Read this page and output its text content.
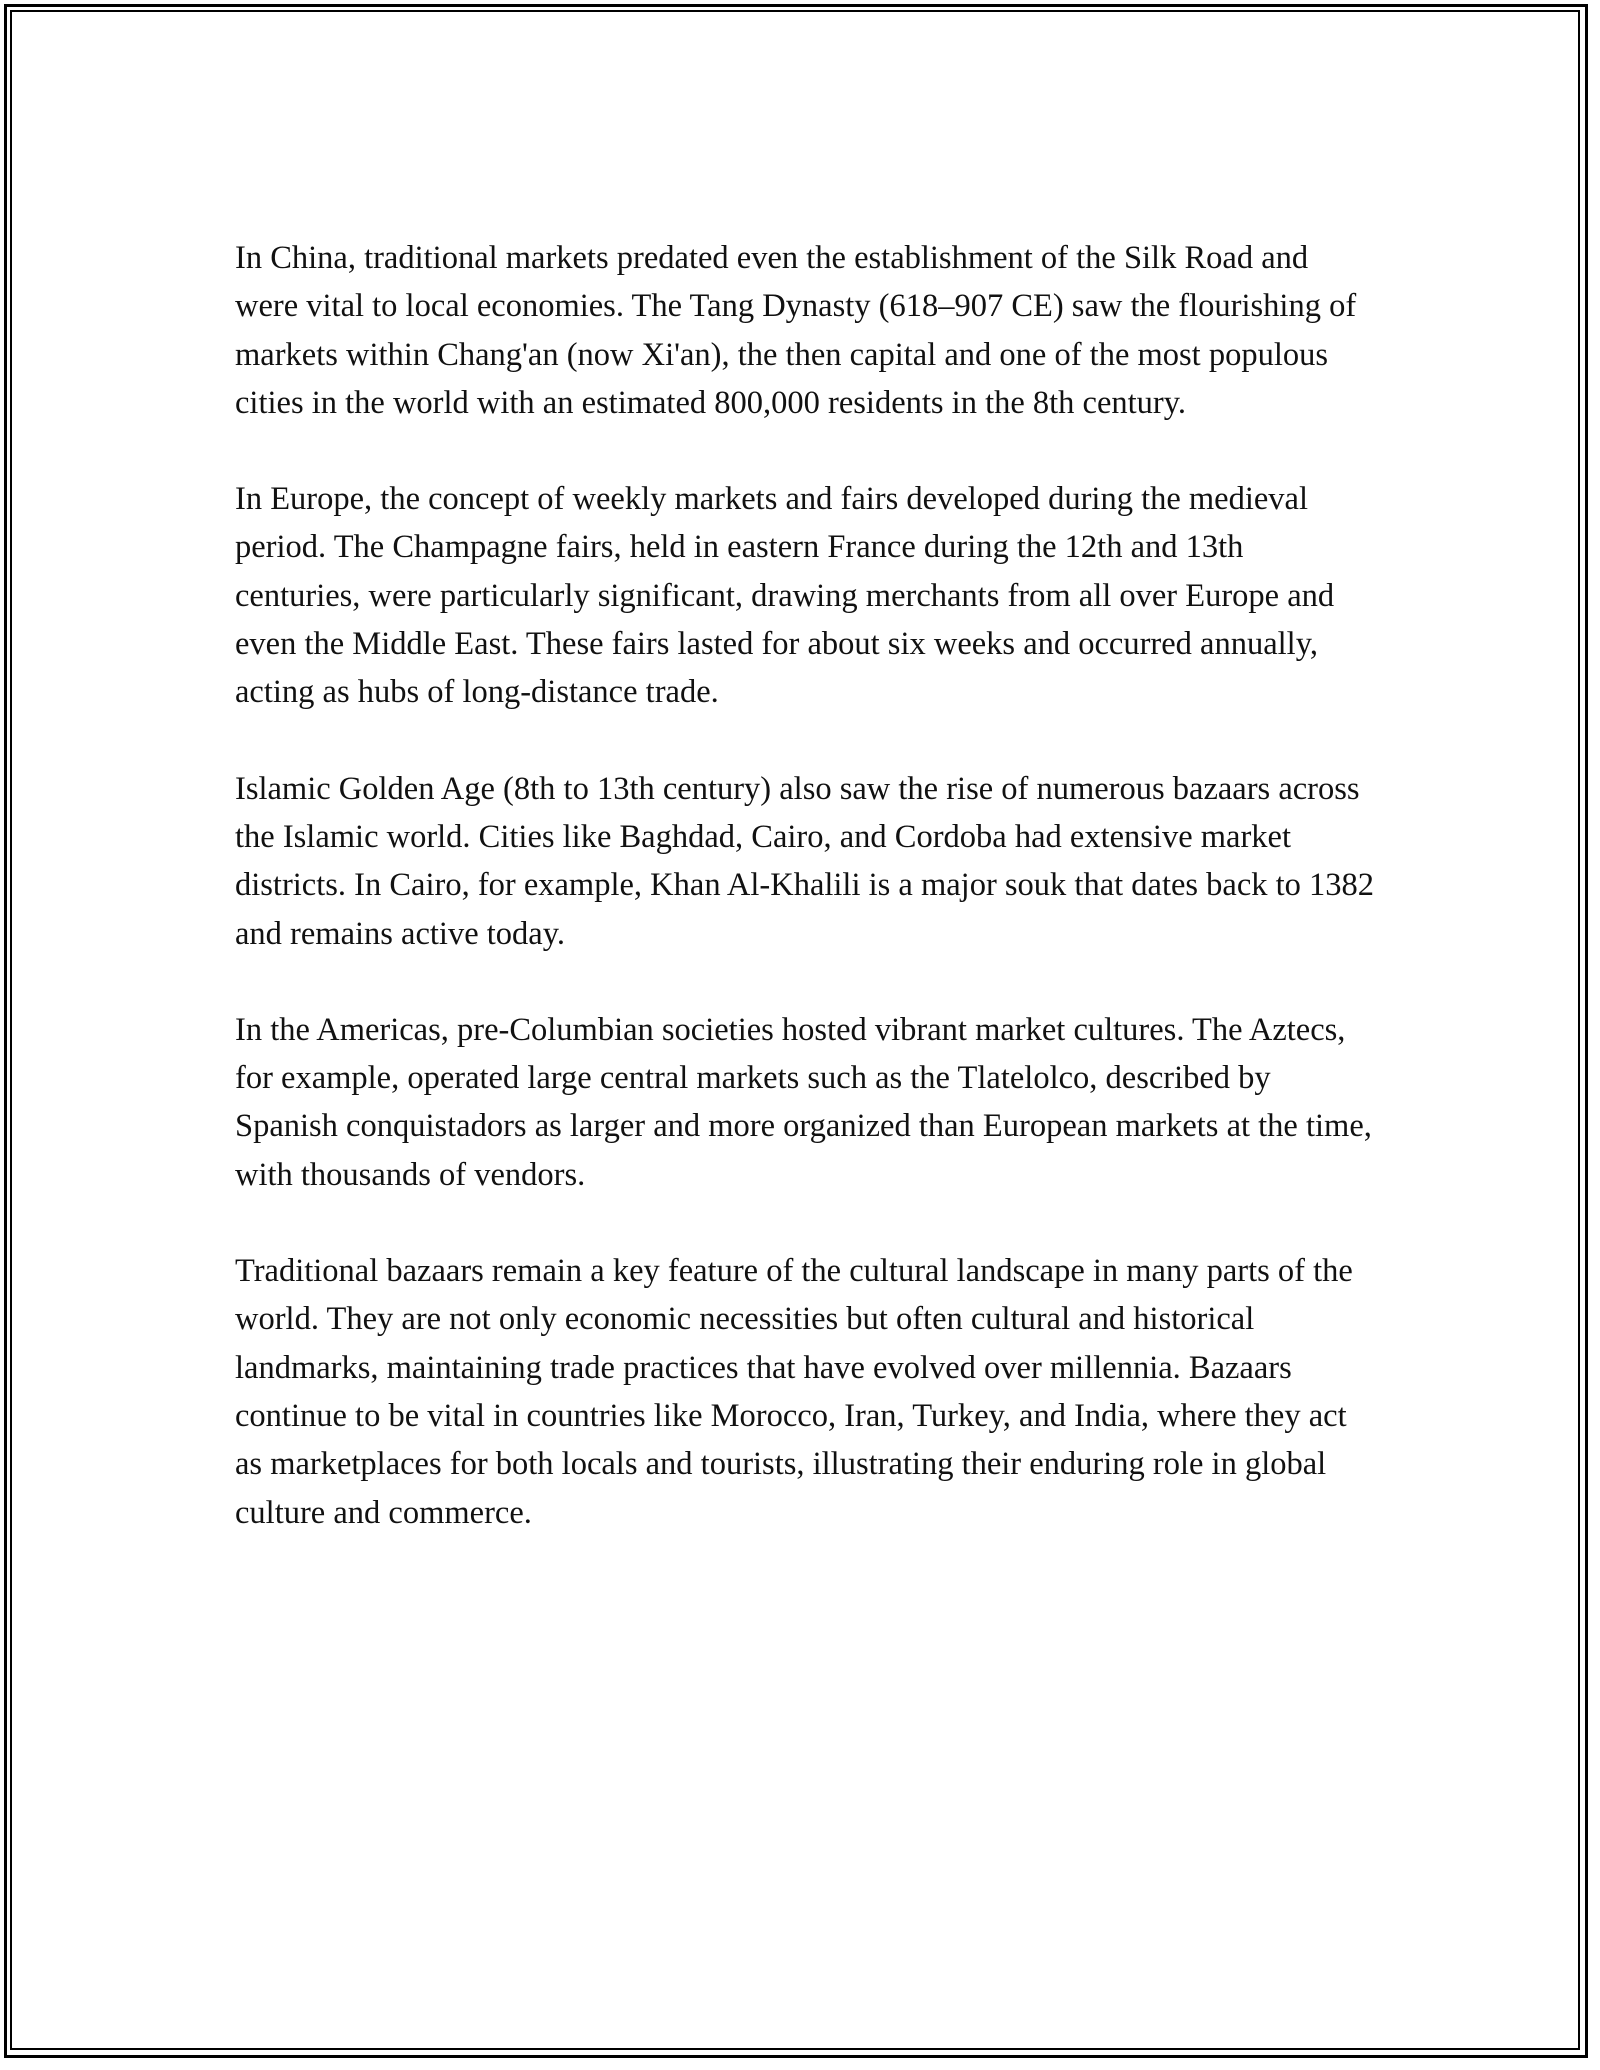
In China, traditional markets predated even the establishment of the Silk Road and were vital to local economies. The Tang Dynasty (618–907 CE) saw the flourishing of markets within Chang'an (now Xi'an), the then capital and one of the most populous cities in the world with an estimated 800,000 residents in the 8th century.

In Europe, the concept of weekly markets and fairs developed during the medieval period. The Champagne fairs, held in eastern France during the 12th and 13th centuries, were particularly significant, drawing merchants from all over Europe and even the Middle East. These fairs lasted for about six weeks and occurred annually, acting as hubs of long-distance trade.

Islamic Golden Age (8th to 13th century) also saw the rise of numerous bazaars across the Islamic world. Cities like Baghdad, Cairo, and Cordoba had extensive market districts. In Cairo, for example, Khan Al-Khalili is a major souk that dates back to 1382 and remains active today.

In the Americas, pre-Columbian societies hosted vibrant market cultures. The Aztecs, for example, operated large central markets such as the Tlatelolco, described by Spanish conquistadors as larger and more organized than European markets at the time, with thousands of vendors.

Traditional bazaars remain a key feature of the cultural landscape in many parts of the world. They are not only economic necessities but often cultural and historical landmarks, maintaining trade practices that have evolved over millennia. Bazaars continue to be vital in countries like Morocco, Iran, Turkey, and India, where they act as marketplaces for both locals and tourists, illustrating their enduring role in global culture and commerce.
